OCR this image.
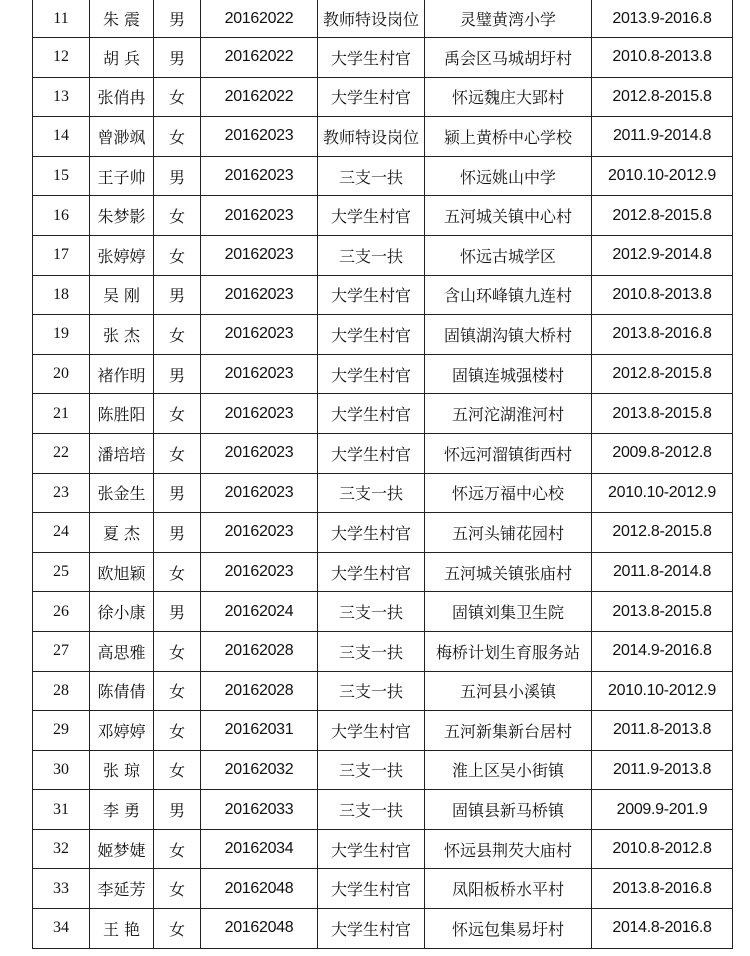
11	朱 震	男	20162022	教师特设岗位	灵璧黄湾小学	2013.9-2016.8
12	胡 兵	男	20162022	大学生村官	禹会区马城胡圩村	2010.8-2013.8
13	张俏冉	女	20162022	大学生村官	怀远魏庄大郢村	2012.8-2015.8
14	曾渺飒	女	20162023	教师特设岗位	颍上黄桥中心学校	2011.9-2014.8
15	王子帅	男	20162023	三支一扶	怀远姚山中学	2010.10-2012.9
16	朱梦影	女	20162023	大学生村官	五河城关镇中心村	2012.8-2015.8
17	张婷婷	女	20162023	三支一扶	怀远古城学区	2012.9-2014.8
18	吴 刚	男	20162023	大学生村官	含山环峰镇九连村	2010.8-2013.8
19	张 杰	女	20162023	大学生村官	固镇湖沟镇大桥村	2013.8-2016.8
20	褚作明	男	20162023	大学生村官	固镇连城强楼村	2012.8-2015.8
21	陈胜阳	女	20162023	大学生村官	五河沱湖淮河村	2013.8-2015.8
22	潘培培	女	20162023	大学生村官	怀远河溜镇街西村	2009.8-2012.8
23	张金生	男	20162023	三支一扶	怀远万福中心校	2010.10-2012.9
24	夏 杰	男	20162023	大学生村官	五河头铺花园村	2012.8-2015.8
25	欧旭颖	女	20162023	大学生村官	五河城关镇张庙村	2011.8-2014.8
26	徐小康	男	20162024	三支一扶	固镇刘集卫生院	2013.8-2015.8
27	高思雅	女	20162028	三支一扶	梅桥计划生育服务站	2014.9-2016.8
28	陈倩倩	女	20162028	三支一扶	五河县小溪镇	2010.10-2012.9
29	邓婷婷	女	20162031	大学生村官	五河新集新台居村	2011.8-2013.8
30	张 琼	女	20162032	三支一扶	淮上区吴小街镇	2011.9-2013.8
31	李 勇	男	20162033	三支一扶	固镇县新马桥镇	2009.9-201.9
32	姬梦婕	女	20162034	大学生村官	怀远县荆芡大庙村	2010.8-2012.8
33	李延芳	女	20162048	大学生村官	凤阳板桥水平村	2013.8-2016.8
34	王 艳	女	20162048	大学生村官	怀远包集易圩村	2014.8-2016.8
